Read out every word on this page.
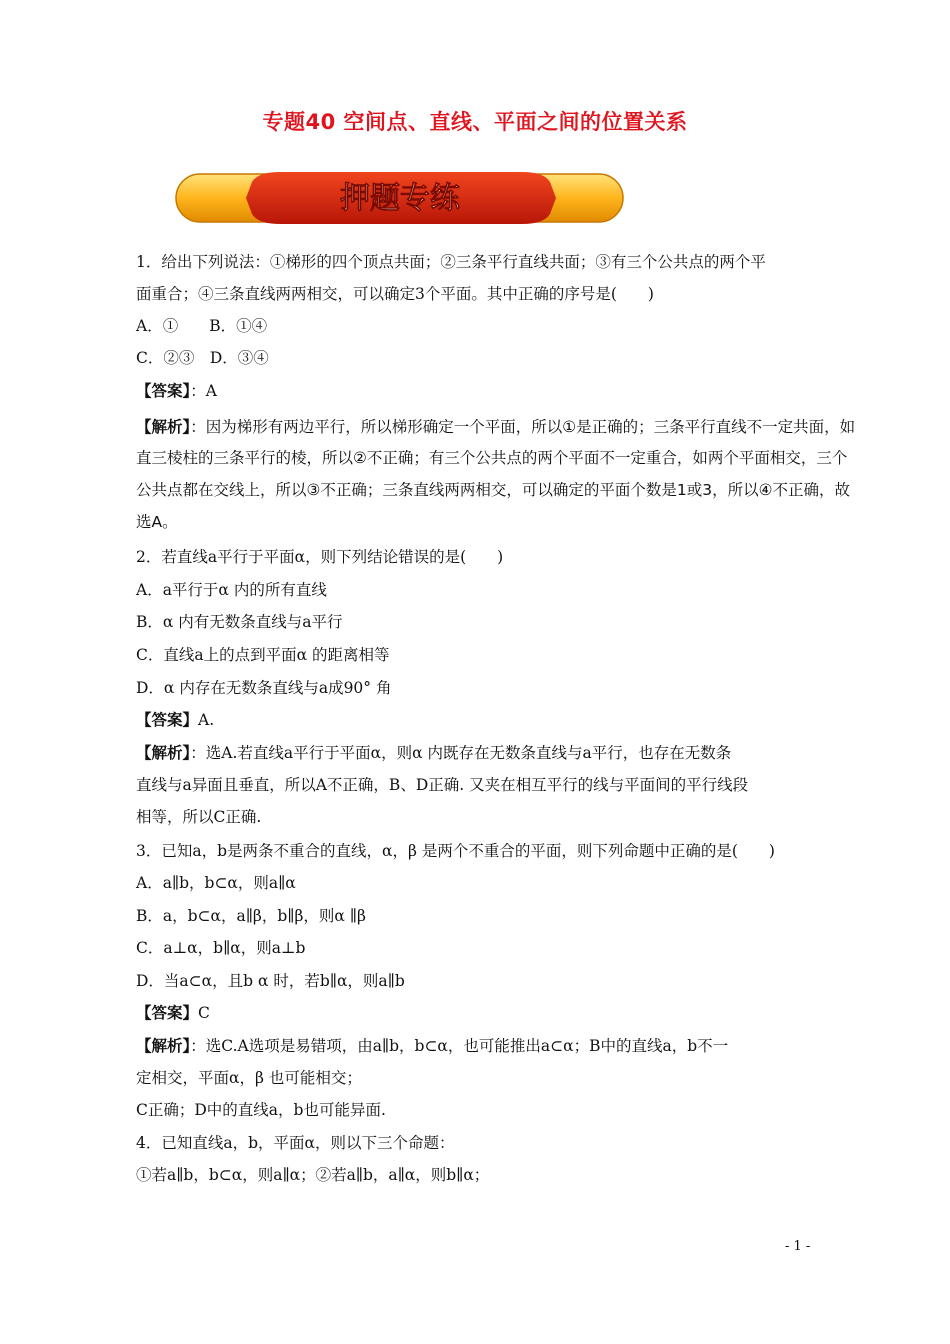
专题40 空间点、直线、平面之间的位置关系
押题专练
1．给出下列说法：①梯形的四个顶点共面；②三条平行直线共面；③有三个公共点的两个平
面重合；④三条直线两两相交，可以确定3个平面。其中正确的序号是(　　)
A．①　　B．①④
C．②③　D．③④
【答案】：A
【解析】：因为梯形有两边平行，所以梯形确定一个平面，所以①是正确的；三条平行直线不一定共面，如
直三棱柱的三条平行的棱，所以②不正确；有三个公共点的两个平面不一定重合，如两个平面相交，三个
公共点都在交线上，所以③不正确；三条直线两两相交，可以确定的平面个数是1或3，所以④不正确，故
选A。
2．若直线a平行于平面α，则下列结论错误的是(　　)
A．a平行于α 内的所有直线
B．α 内有无数条直线与a平行
C．直线a上的点到平面α 的距离相等
D．α 内存在无数条直线与a成90° 角
【答案】A.
【解析】：选A.若直线a平行于平面α，则α 内既存在无数条直线与a平行，也存在无数条
直线与a异面且垂直，所以A不正确，B、D正确. 又夹在相互平行的线与平面间的平行线段
相等，所以C正确.
3．已知a，b是两条不重合的直线，α，β 是两个不重合的平面，则下列命题中正确的是(　　)
A．a∥b，b⊂α，则a∥α
B．a，b⊂α，a∥β，b∥β，则α ∥β
C．a⊥α，b∥α，则a⊥b
D．当a⊂α，且b α 时，若b∥α，则a∥b
【答案】C
【解析】：选C.A选项是易错项，由a∥b，b⊂α，也可能推出a⊂α；B中的直线a，b不一
定相交，平面α，β 也可能相交；
C正确；D中的直线a，b也可能异面.
4．已知直线a，b，平面α，则以下三个命题：
①若a∥b，b⊂α，则a∥α；②若a∥b，a∥α，则b∥α；
- 1 -
